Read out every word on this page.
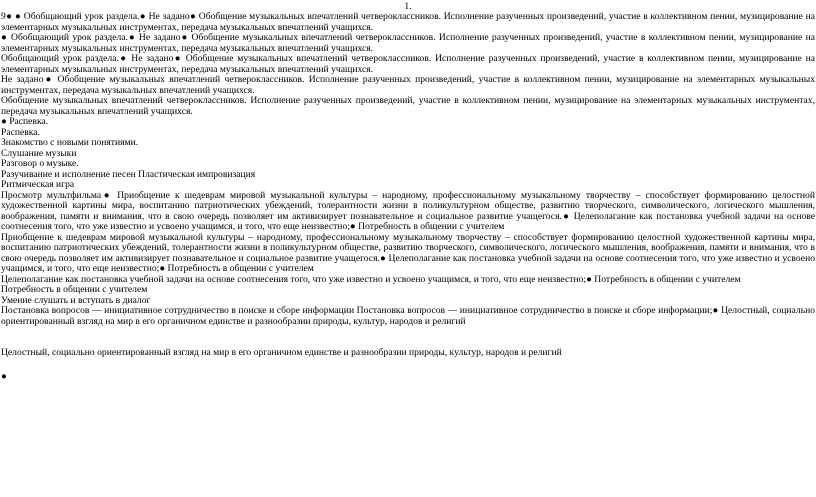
1.

9● ● Обобщающий урок раздела.● Не задано● Обобщение музыкальных впечатлений четвероклассников. Исполнение разученных произведений, участие в коллективном пении, музицирование на элементарных музыкальных инструментах, передача музыкальных впечатлений учащихся.

● Обобщающий урок раздела.● Не задано● Обобщение музыкальных впечатлений четвероклассников. Исполнение разученных произведений, участие в коллективном пении, музицирование на элементарных музыкальных инструментах, передача музыкальных впечатлений учащихся.

Обобщающий урок раздела.● Не задано● Обобщение музыкальных впечатлений четвероклассников. Исполнение разученных произведений, участие в коллективном пении, музицирование на элементарных музыкальных инструментах, передача музыкальных впечатлений учащихся.

Не задано● Обобщение музыкальных впечатлений четвероклассников. Исполнение разученных произведений, участие в коллективном пении, музицирование на элементарных музыкальных инструментах, передача музыкальных впечатлений учащихся.

Обобщение музыкальных впечатлений четвероклассников. Исполнение разученных произведений, участие в коллективном пении, музицирование на элементарных музыкальных инструментах, передача музыкальных впечатлений учащихся.

● Распевка.

Распевка.

Знакомство с новыми понятиями.

Слушание музыки

Разговор о музыке.

Разучивание и исполнение песен Пластическая импровизация

Ритмическая игра

Просмотр мультфильма● Приобщение к шедеврам мировой музыкальной культуры – народному, профессиональному музыкальному творчеству – способствует формированию целостной художественной картины мира, воспитанию патриотических убеждений, толерантности жизни в поликультурном обществе, развитию творческого, символического, логического мышления, воображения, памяти и внимания, что в свою очередь позволяет им активизирует познавательное и социальное развитие учащегося.● Целеполагание как постановка учебной задачи на основе соотнесения того, что уже известно и усвоено учащимся, и того, что еще неизвестно;● Потребность в общении с учителем

Приобщение к шедеврам мировой музыкальной культуры – народному, профессиональному музыкальному творчеству – способствует формированию целостной художественной картины мира, воспитанию патриотических убеждений, толерантности жизни в поликультурном обществе, развитию творческого, символического, логического мышления, воображения, памяти и внимания, что в свою очередь позволяет им активизирует познавательное и социальное развитие учащегося.● Целеполагание как постановка учебной задачи на основе соотнесения того, что уже известно и усвоено учащимся, и того, что еще неизвестно;● Потребность в общении с учителем

Целеполагание как постановка учебной задачи на основе соотнесения того, что уже известно и усвоено учащимся, и того, что еще неизвестно;● Потребность в общении с учителем

Потребность в общении с учителем

Умение слушать и вступать в диалог

Постановка вопросов — инициативное сотрудничество в поиске и сборе информации Постановка вопросов — инициативное сотрудничество в поиске и сборе информации;● Целостный, социально ориентированный взгляд на мир в его органичном единстве и разнообразии природы, культур, народов и религий

Целостный, социально ориентированный взгляд на мир в его органичном единстве и разнообразии природы, культур, народов и религий

●
